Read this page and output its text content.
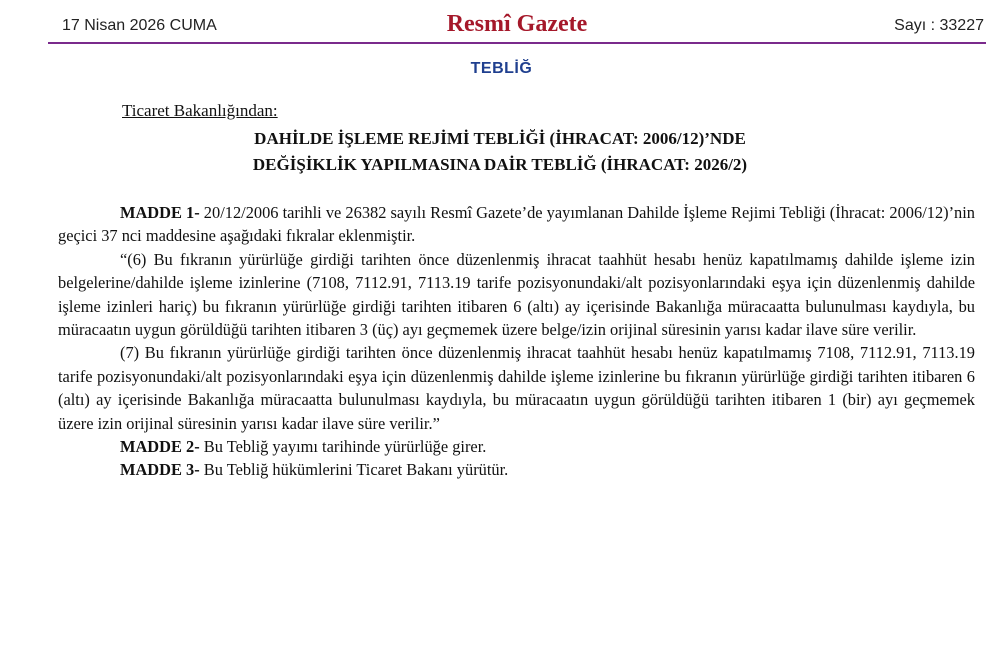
17 Nisan 2026 CUMA	Resmî Gazete	Sayı : 33227
TEBLİĞ
Ticaret Bakanlığından:
DAHİLDE İŞLEME REJİMİ TEBLİĞİ (İHRACAT: 2006/12)’NDE
DEĞİŞİKLİK YAPILMASINA DAİR TEBLİĞ (İHRACAT: 2026/2)

MADDE 1- 20/12/2006 tarihli ve 26382 sayılı Resmî Gazete’de yayımlanan Dahilde İşleme Rejimi Tebliği (İhracat: 2006/12)’nin geçici 37 nci maddesine aşağıdaki fıkralar eklenmiştir.

“(6) Bu fıkranın yürürlüğe girdiği tarihten önce düzenlenmiş ihracat taahhüt hesabı henüz kapatılmamış dahilde işleme izin belgelerine/dahilde işleme izinlerine (7108, 7112.91, 7113.19 tarife pozisyonundaki/alt pozisyonlarındaki eşya için düzenlenmiş dahilde işleme izinleri hariç) bu fıkranın yürürlüğe girdiği tarihten itibaren 6 (altı) ay içerisinde Bakanlığa müracaatta bulunulması kaydıyla, bu müracaatın uygun görüldüğü tarihten itibaren 3 (üç) ayı geçmemek üzere belge/izin orijinal süresinin yarısı kadar ilave süre verilir.

(7) Bu fıkranın yürürlüğe girdiği tarihten önce düzenlenmiş ihracat taahhüt hesabı henüz kapatılmamış 7108, 7112.91, 7113.19 tarife pozisyonundaki/alt pozisyonlarındaki eşya için düzenlenmiş dahilde işleme izinlerine bu fıkranın yürürlüğe girdiği tarihten itibaren 6 (altı) ay içerisinde Bakanlığa müracaatta bulunulması kaydıyla, bu müracaatın uygun görüldüğü tarihten itibaren 1 (bir) ayı geçmemek üzere izin orijinal süresinin yarısı kadar ilave süre verilir.”

MADDE 2- Bu Tebliğ yayımı tarihinde yürürlüğe girer.

MADDE 3- Bu Tebliğ hükümlerini Ticaret Bakanı yürütür.
